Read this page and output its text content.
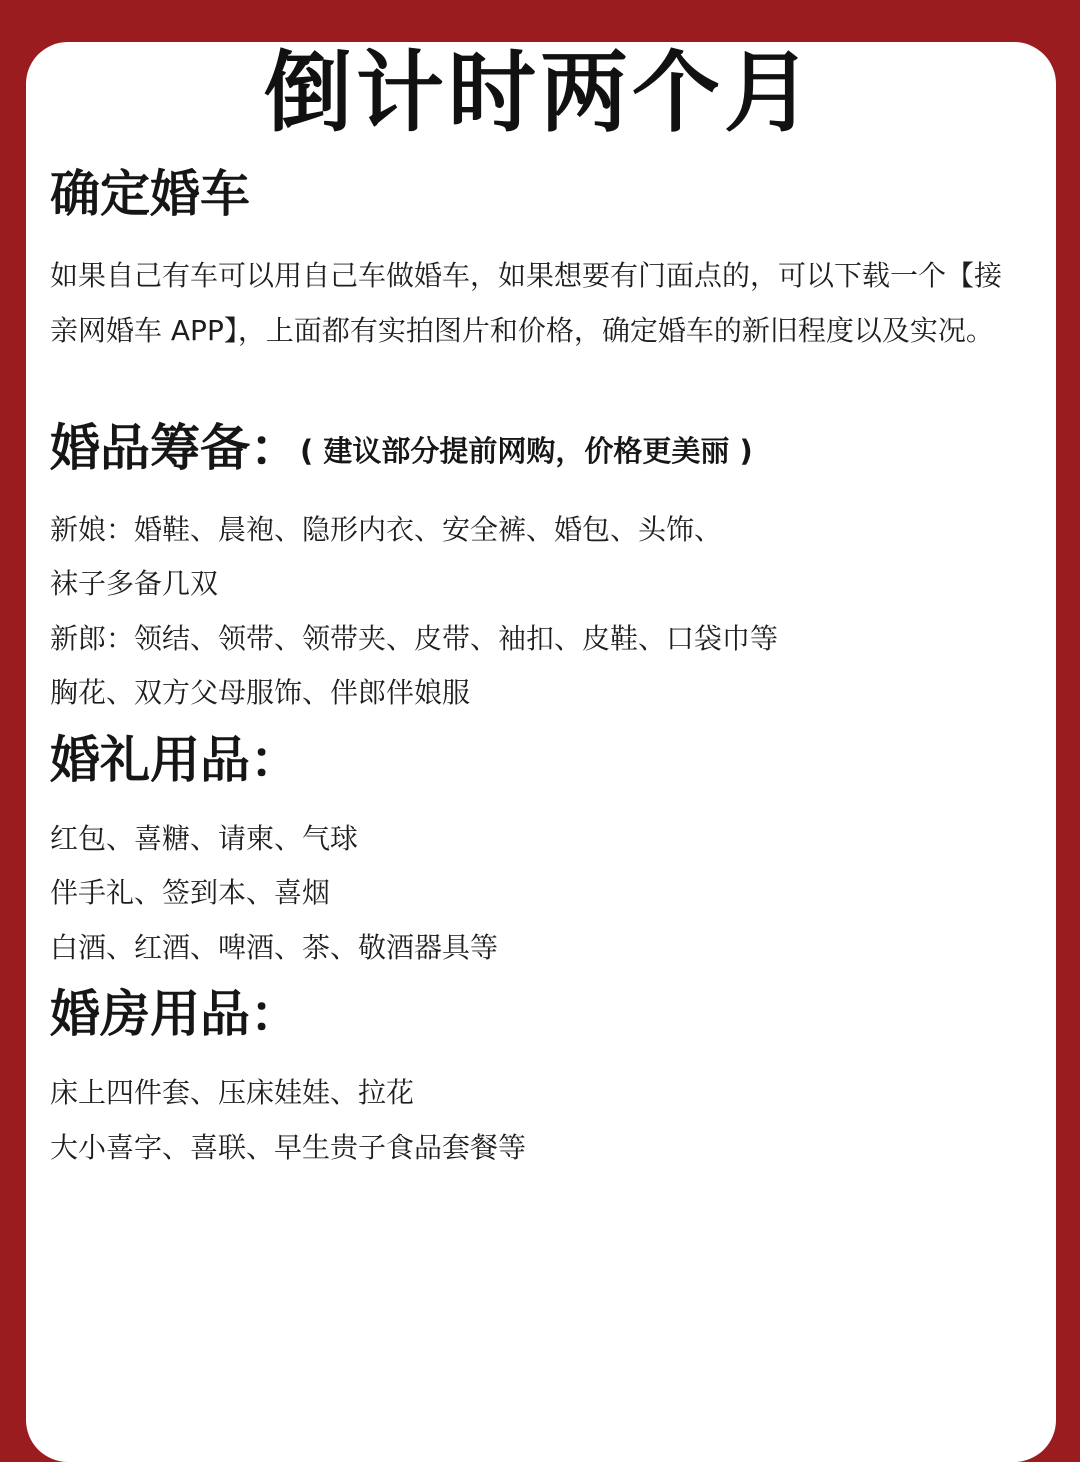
倒计时两个月
确定婚车

如果自己有车可以用自己车做婚车，如果想要有门面点的，可以下载一个【接亲网婚车 APP】，上面都有实拍图片和价格，确定婚车的新旧程度以及实况。

婚品筹备：( 建议部分提前网购，价格更美丽 )

新娘：婚鞋、晨袍、隐形内衣、安全裤、婚包、头饰、

袜子多备几双

新郎：领结、领带、领带夹、皮带、袖扣、皮鞋、口袋巾等

胸花、双方父母服饰、伴郎伴娘服

婚礼用品：

红包、喜糖、请柬、气球

伴手礼、签到本、喜烟

白酒、红酒、啤酒、茶、敬酒器具等

婚房用品：

床上四件套、压床娃娃、拉花

大小喜字、喜联、早生贵子食品套餐等
